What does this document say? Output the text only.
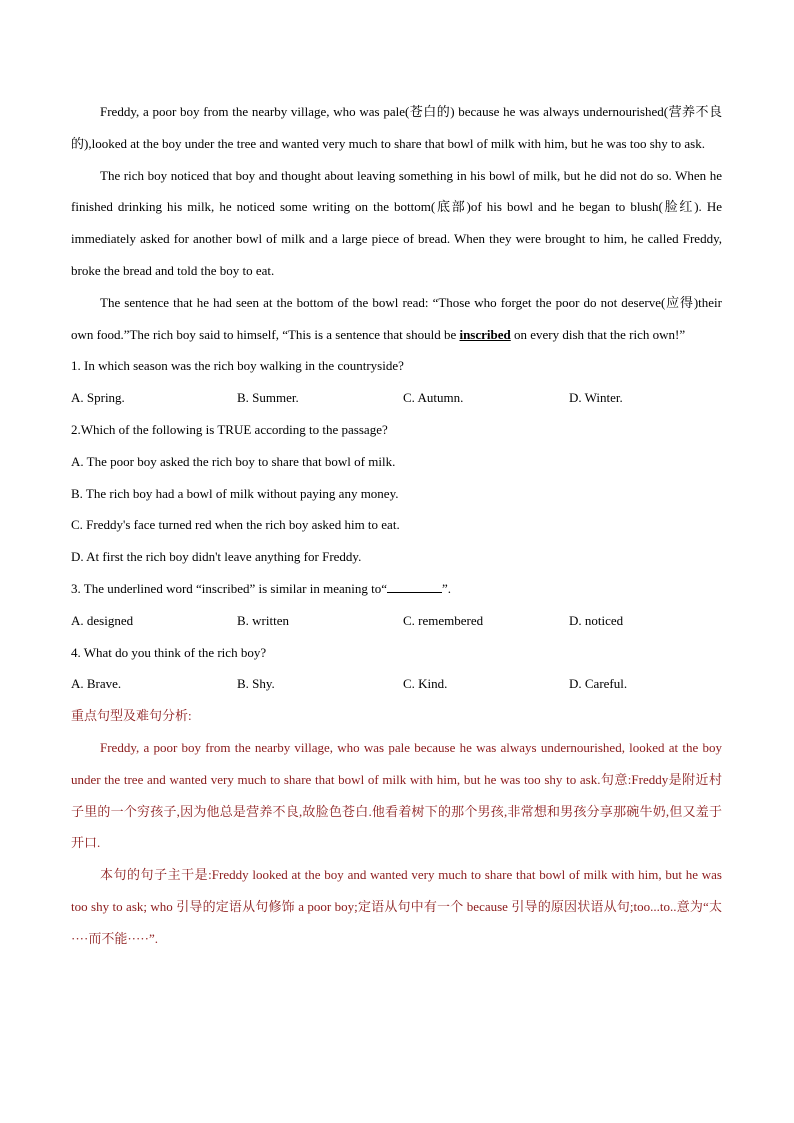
Freddy, a poor boy from the nearby village, who was pale(苍白的) because he was always undernourished(营养不良的),looked at the boy under the tree and wanted very much to share that bowl of milk with him, but he was too shy to ask.

The rich boy noticed that boy and thought about leaving something in his bowl of milk, but he did not do so. When he finished drinking his milk, he noticed some writing on the bottom(底部)of his bowl and he began to blush(脸红). He immediately asked for another bowl of milk and a large piece of bread. When they were brought to him, he called Freddy, broke the bread and told the boy to eat.

The sentence that he had seen at the bottom of the bowl read: “Those who forget the poor do not deserve(应得)their own food.”The rich boy said to himself, “This is a sentence that should be inscribed on every dish that the rich own!”

1. In which season was the rich boy walking in the countryside?

A. Spring.	B. Summer.	C. Autumn.	D. Winter.

2.Which of the following is TRUE according to the passage?

A. The poor boy asked the rich boy to share that bowl of milk.

B. The rich boy had a bowl of milk without paying any money.

C. Freddy's face turned red when the rich boy asked him to eat.

D. At first the rich boy didn't leave anything for Freddy.

3. The underlined word “inscribed” is similar in meaning to“	”.

A. designed	B. written	C. remembered	D. noticed

4. What do you think of the rich boy?

A. Brave.	B. Shy.	C. Kind.	D. Careful.

重点句型及难句分析:

Freddy, a poor boy from the nearby village, who was pale because he was always undernourished, looked at the boy under the tree and wanted very much to share that bowl of milk with him, but he was too shy to ask.句意:Freddy是附近村子里的一个穷孩子,因为他总是营养不良,故脸色苍白.他看着树下的那个男孩,非常想和男孩分享那碗牛奶,但又羞于开口.

本句的句子主干是:Freddy looked at the boy and wanted very much to share that bowl of milk with him, but he was too shy to ask; who 引导的定语从句修饰 a poor boy;定语从句中有一个 because 引导的原因状语从句;too...to..意为“太····而不能·····”.
